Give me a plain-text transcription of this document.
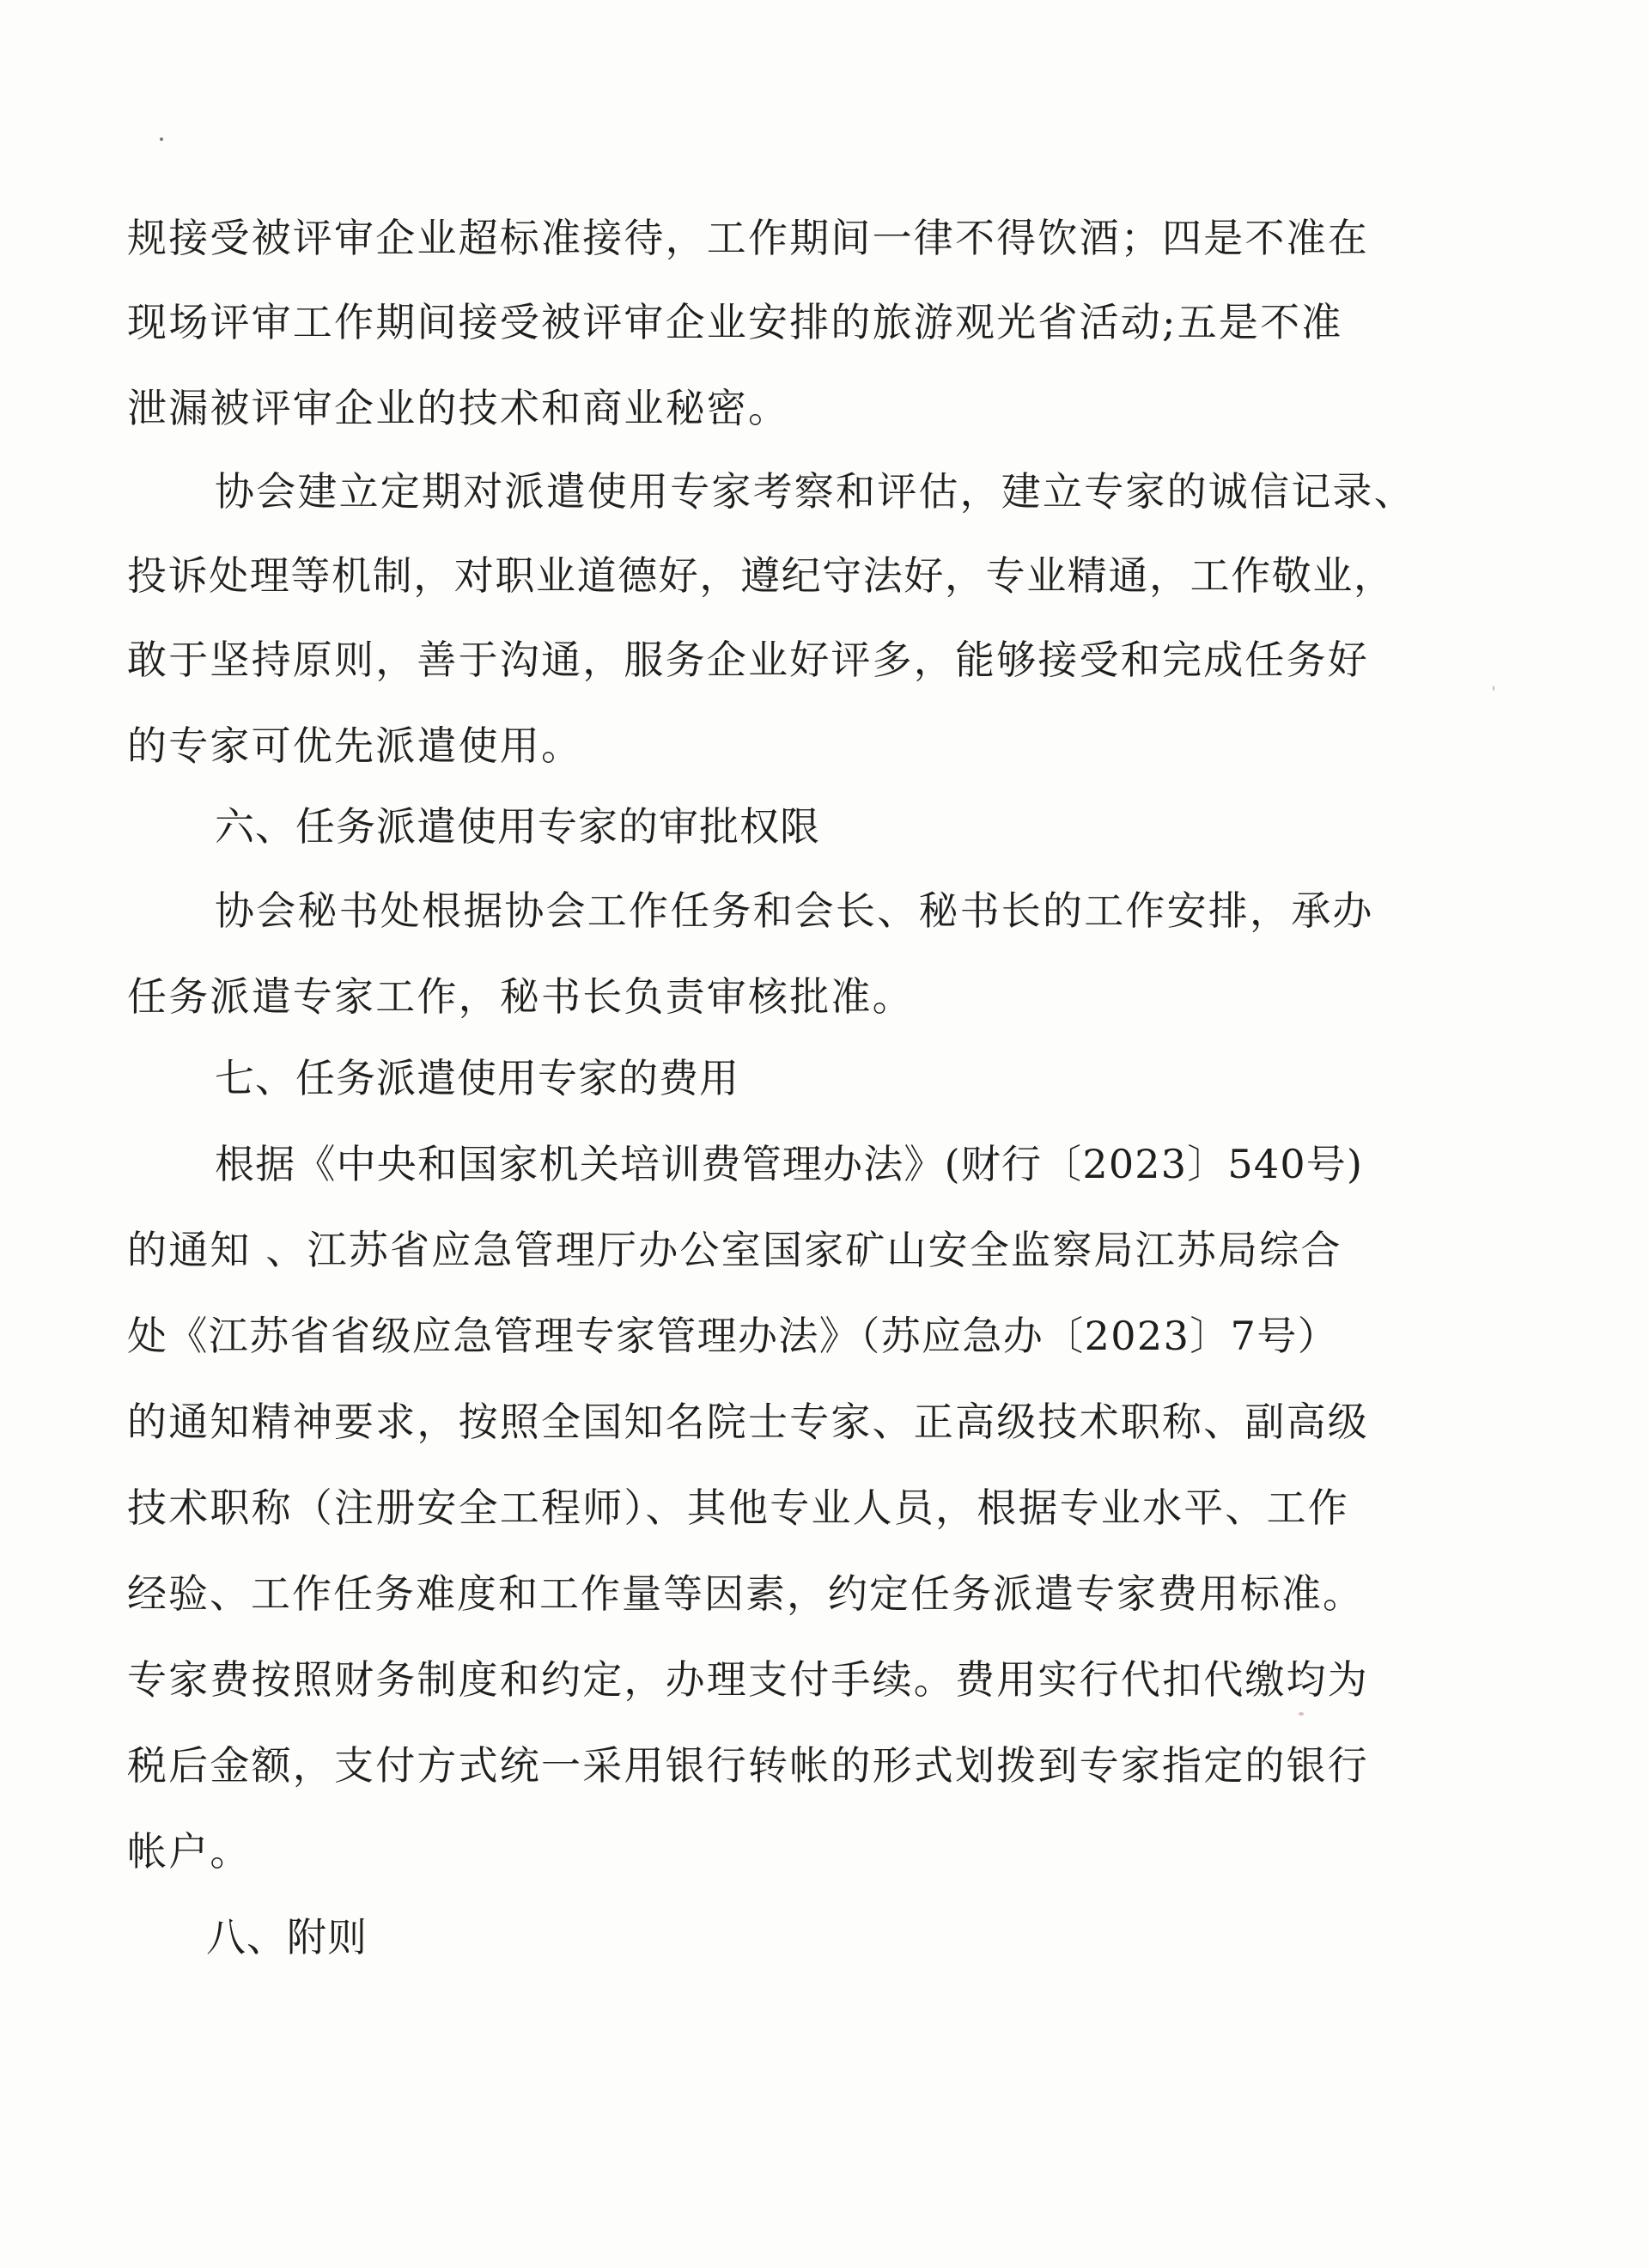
规接受被评审企业超标准接待，工作期间一律不得饮酒；四是不准在
现场评审工作期间接受被评审企业安排的旅游观光省活动;五是不准
泄漏被评审企业的技术和商业秘密。
协会建立定期对派遣使用专家考察和评估，建立专家的诚信记录、
投诉处理等机制，对职业道德好，遵纪守法好，专业精通，工作敬业，
敢于坚持原则，善于沟通，服务企业好评多，能够接受和完成任务好
的专家可优先派遣使用。
六、任务派遣使用专家的审批权限
协会秘书处根据协会工作任务和会长、秘书长的工作安排，承办
任务派遣专家工作，秘书长负责审核批准。
七、任务派遣使用专家的费用
根据《中央和国家机关培训费管理办法》(财行〔2023〕540号)
的通知 、江苏省应急管理厅办公室国家矿山安全监察局江苏局综合
处《江苏省省级应急管理专家管理办法》（苏应急办〔2023〕7号）
的通知精神要求，按照全国知名院士专家、正高级技术职称、副高级
技术职称（注册安全工程师）、其他专业人员，根据专业水平、工作
经验、工作任务难度和工作量等因素，约定任务派遣专家费用标准。
专家费按照财务制度和约定，办理支付手续。费用实行代扣代缴均为
税后金额，支付方式统一采用银行转帐的形式划拨到专家指定的银行
帐户。
八、附则
